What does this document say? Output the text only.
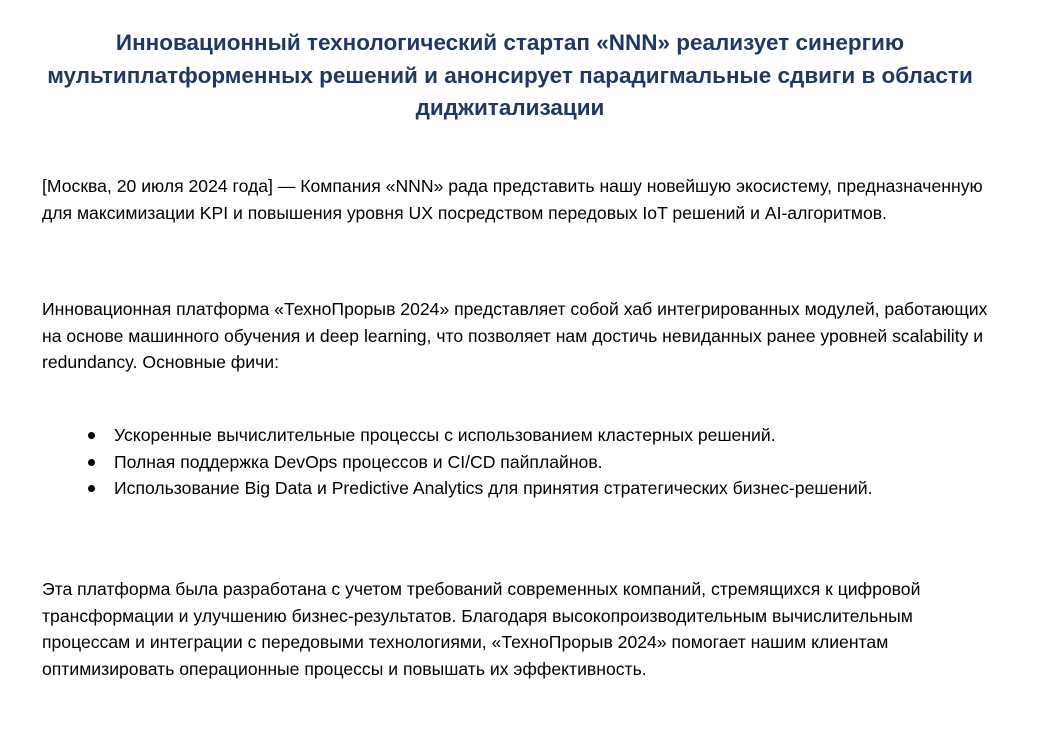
Инновационный технологический стартап «NNN» реализует синергию мультиплатформенных решений и анонсирует парадигмальные сдвиги в области диджитализации

[Москва, 20 июля 2024 года] — Компания «NNN» рада представить нашу новейшую экосистему, предназначенную для максимизации KPI и повышения уровня UX посредством передовых IoT решений и AI-алгоритмов.

Инновационная платформа «ТехноПрорыв 2024» представляет собой хаб интегрированных модулей, работающих на основе машинного обучения и deep learning, что позволяет нам достичь невиданных ранее уровней scalability и redundancy. Основные фичи:

Ускоренные вычислительные процессы с использованием кластерных решений.
Полная поддержка DevOps процессов и CI/CD пайплайнов.
Использование Big Data и Predictive Analytics для принятия стратегических бизнес-решений.

Эта платформа была разработана с учетом требований современных компаний, стремящихся к цифровой трансформации и улучшению бизнес-результатов. Благодаря высокопроизводительным вычислительным процессам и интеграции с передовыми технологиями, «ТехноПрорыв 2024» помогает нашим клиентам оптимизировать операционные процессы и повышать их эффективность.
